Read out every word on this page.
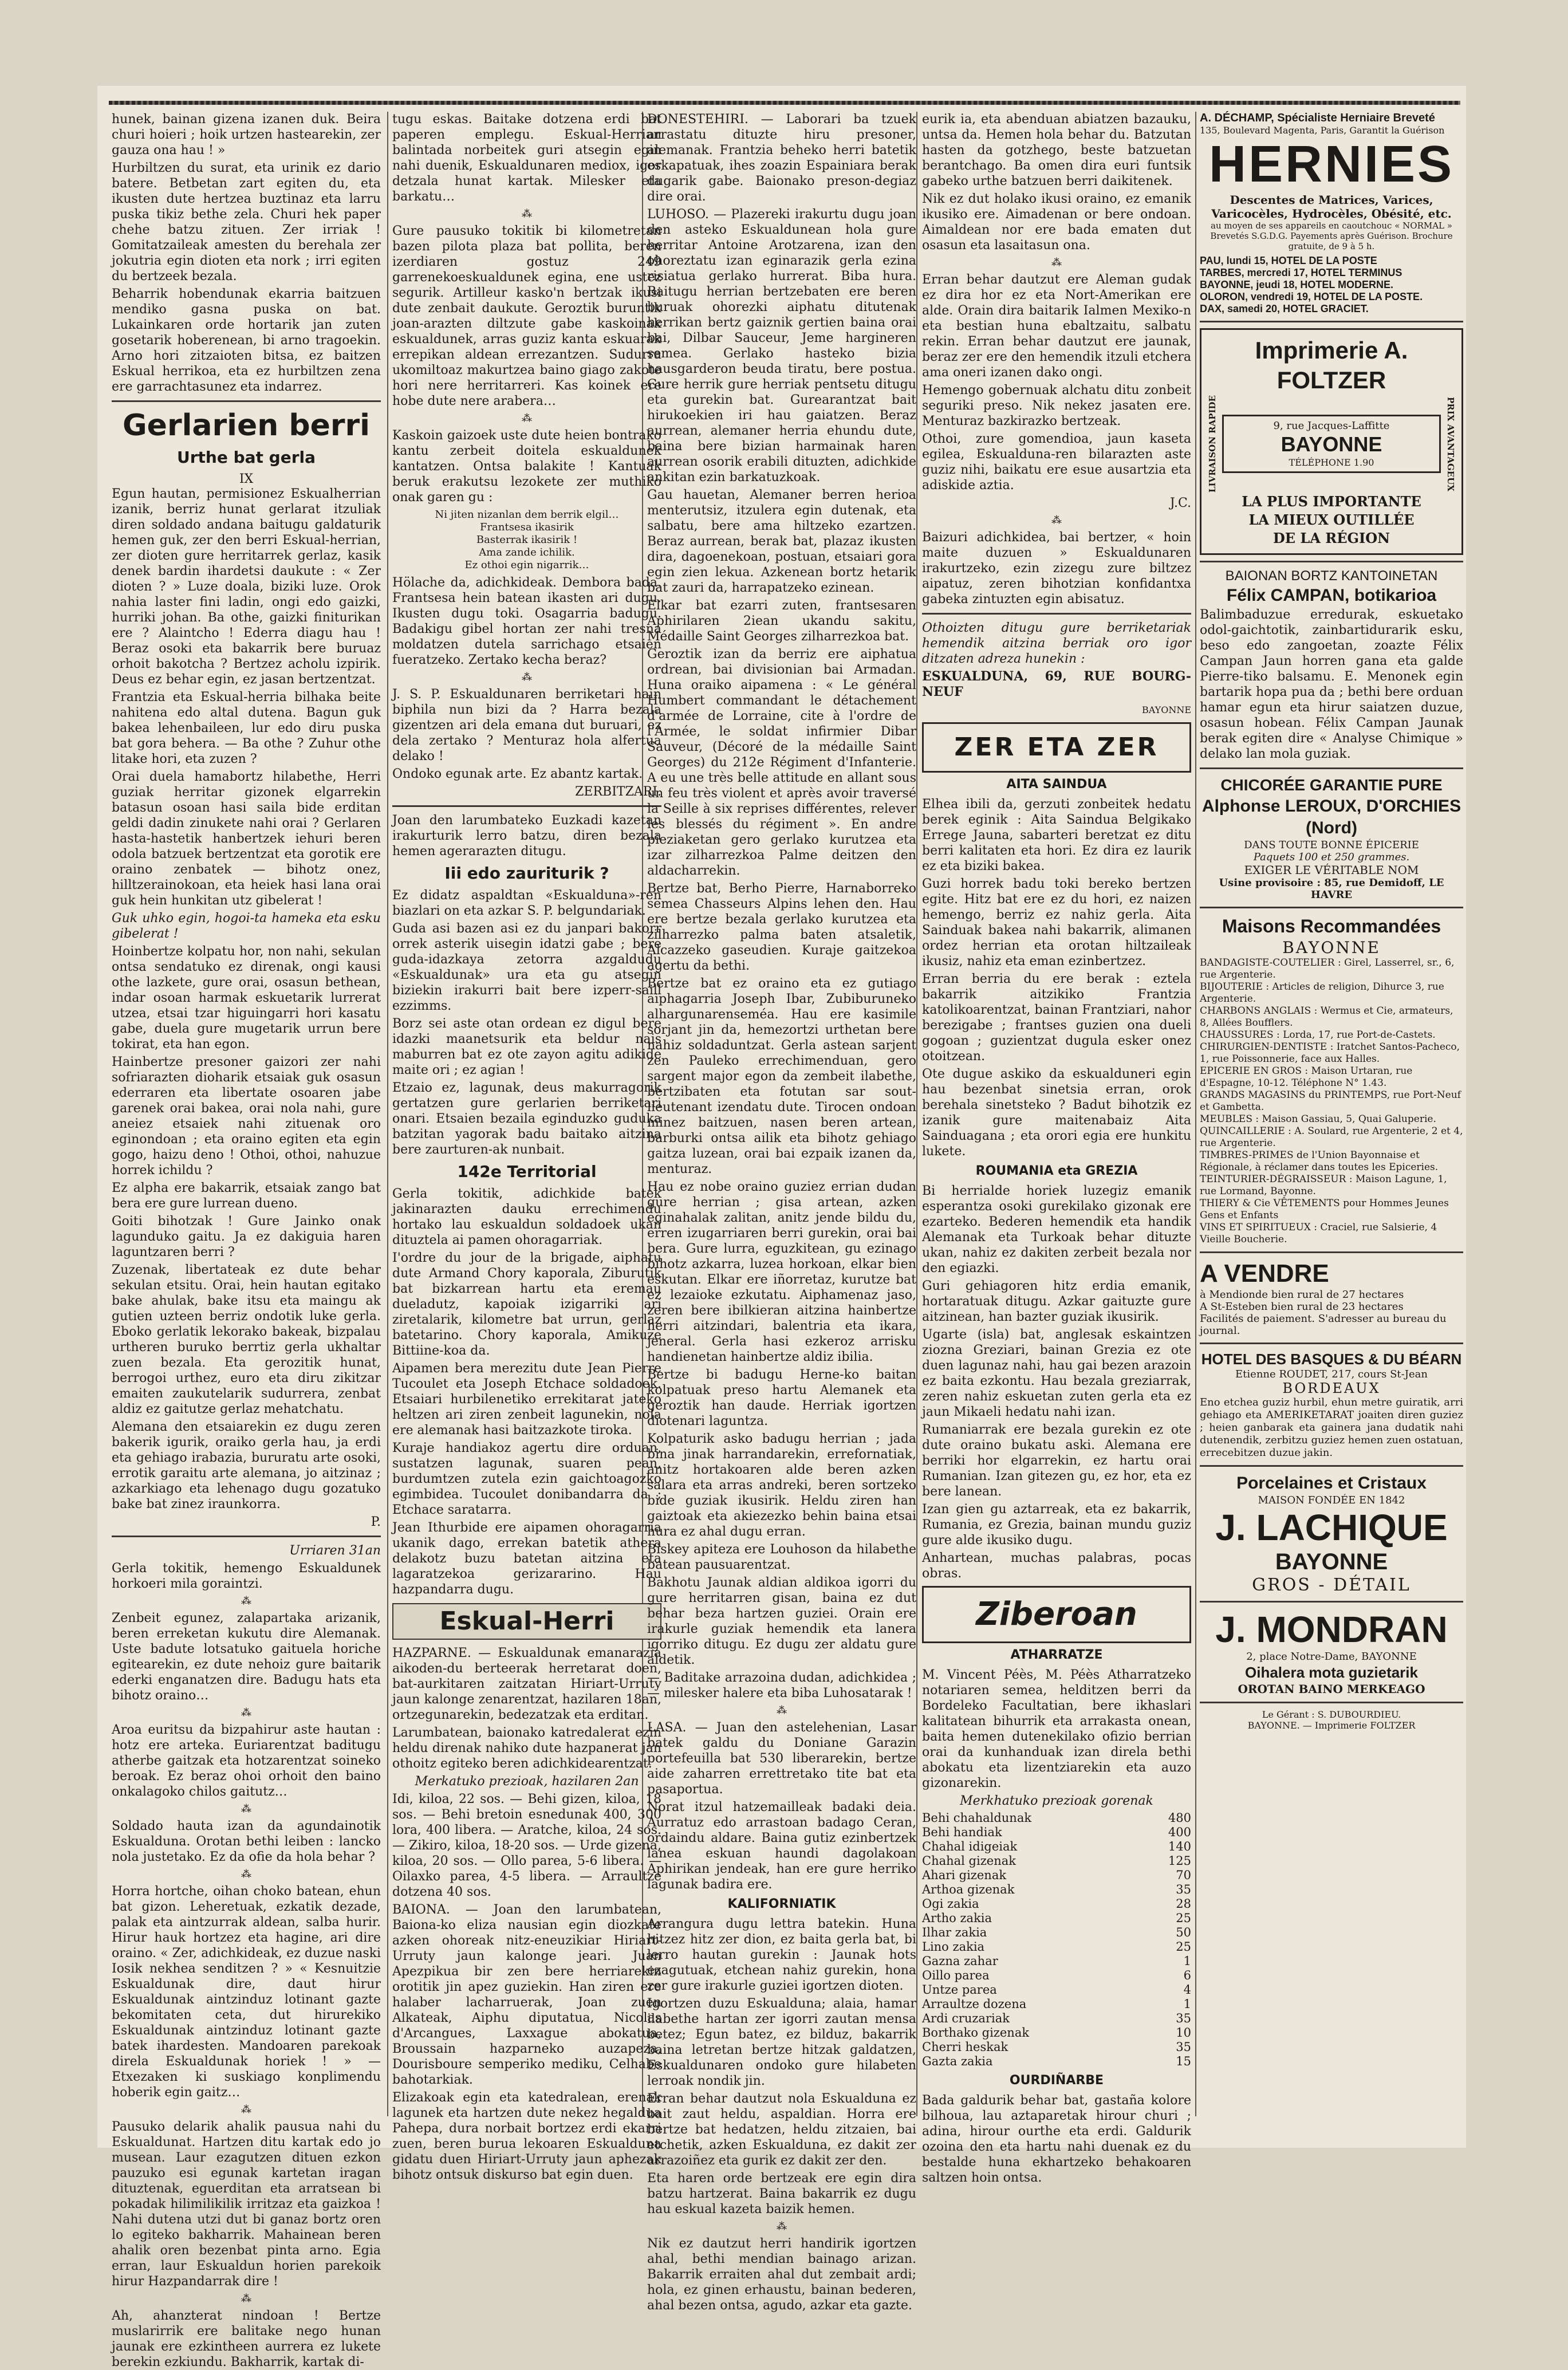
hunek, bainan gizena izanen duk. Beira churi hoieri ; hoik urtzen hastearekin, zer gauza ona hau ! »

Hurbiltzen du surat, eta urinik ez dario batere. Betbetan zart egiten du, eta ikusten dute hertzea buztinaz eta larru puska tikiz bethe zela. Churi hek paper chehe batzu zituen. Zer irriak ! Gomitatzaileak amesten du berehala zer jokutria egin dioten eta nork ; irri egiten du bertzeek bezala.

Beharrik hobendunak ekarria baitzuen mendiko gasna puska on bat. Lukainkaren orde hortarik jan zuten gosetarik hoberenean, bi arno tragoekin. Arno hori zitzaioten bitsa, ez baitzen Eskual herrikoa, eta ez hurbiltzen zena ere garrachtasunez eta indarrez.

Gerlarien berri
Urthe bat gerla
IX

Egun hautan, permisionez Eskualherrian izanik, berriz hunat gerlarat itzuliak diren soldado andana baitugu galdaturik hemen guk, zer den berri Eskual-herrian, zer dioten gure herritarrek gerlaz, kasik denek bardin ihardetsi daukute : « Zer dioten ? » Luze doala, biziki luze. Orok nahia laster fini ladin, ongi edo gaizki, hurriki johan. Ba othe, gaizki finiturikan ere ? Alaintcho ! Ederra diagu hau ! Beraz osoki eta bakarrik bere buruaz orhoit bakotcha ? Bertzez acholu izpirik. Deus ez behar egin, ez jasan bertzentzat.

Frantzia eta Eskual-herria bilhaka beite nahitena edo altal dutena. Bagun guk bakea lehenbaileen, lur edo diru puska bat gora behera. — Ba othe ? Zuhur othe litake hori, eta zuzen ?

Orai duela hamabortz hilabethe, Herri guziak herritar gizonek elgarrekin batasun osoan hasi saila bide erditan geldi dadin zinukete nahi orai ? Gerlaren hasta-hastetik hanbertzek iehuri beren odola batzuek bertzentzat eta gorotik ere oraino zenbatek — bihotz onez, hilltzerainokoan, eta heiek hasi lana orai guk hein hunkitan utz gibelerat !

Guk uhko egin, hogoi-ta hameka eta esku gibelerat !

Hoinbertze kolpatu hor, non nahi, sekulan ontsa sendatuko ez direnak, ongi kausi othe lazkete, gure orai, osasun bethean, indar osoan harmak eskuetarik lurrerat utzea, etsai tzar higuingarri hori kasatu gabe, duela gure mugetarik urrun bere tokirat, eta han egon.

Hainbertze presoner gaizori zer nahi sofriarazten dioharik etsaiak guk osasun ederraren eta libertate osoaren jabe garenek orai bakea, orai nola nahi, gure aneiez etsaiek nahi zituenak oro eginondoan ; eta oraino egiten eta egin gogo, haizu deno ! Othoi, othoi, nahuzue horrek ichildu ?

Ez alpha ere bakarrik, etsaiak zango bat bera ere gure lurrean dueno.

Goiti bihotzak ! Gure Jainko onak lagunduko gaitu. Ja ez dakiguia haren laguntzaren berri ?

Zuzenak, libertateak ez dute behar sekulan etsitu. Orai, hein hautan egitako bake ahulak, bake itsu eta maingu ak gutien uzteen berriz ondotik luke gerla. Eboko gerlatik lekorako bakeak, bizpalau urtheren buruko berrtiz gerla ukhaltar zuen bezala. Eta gerozitik hunat, berrogoi urthez, euro eta diru zikitzar emaiten zaukutelarik sudurrera, zenbat aldiz ez gaitutze gerlaz mehatchatu.

Alemana den etsaiarekin ez dugu zeren bakerik igurik, oraiko gerla hau, ja erdi eta gehiago irabazia, bururatu arte osoki, errotik garaitu arte alemana, jo aitzinaz ; azkarkiago eta lehenago dugu gozatuko bake bat zinez iraunkorra.

P.

Urriaren 31an

Gerla tokitik, hemengo Eskualdunek horkoeri mila goraintzi.

⁂

Zenbeit egunez, zalapartaka arizanik, beren erreketan kukutu dire Alemanak. Uste badute lotsatuko gaituela horiche egitearekin, ez dute nehoiz gure baitarik ederki enganatzen dire. Badugu hats eta bihotz oraino…

⁂

Aroa euritsu da bizpahirur aste hautan : hotz ere arteka. Euriarentzat baditugu atherbe gaitzak eta hotzarentzat soineko beroak. Ez beraz ohoi orhoit den baino onkalagoko chilos gaitutz…

⁂

Soldado hauta izan da agundainotik Eskualduna. Orotan bethi leiben : lancko nola justetako. Ez da ofie da hola behar ?

⁂

Horra hortche, oihan choko batean, ehun bat gizon. Leheretuak, ezkatik dezade, palak eta aintzurrak aldean, salba hurir. Hirur hauk hortzez eta hagine, ari dire oraino. « Zer, adichkideak, ez duzue naski Iosik nekhea senditzen ? » « Kesnuitzie Eskualdunak dire, daut hirur Eskualdunak aintzinduz lotinant gazte bekomitaten ceta, dut hirurekiko Eskualdunak aintzinduz lotinant gazte batek ihardesten. Mandoaren parekoak direla Eskualdunak horiek ! » — Etxezaken ki suskiago konplimendu hoberik egin gaitz…

⁂

Pausuko delarik ahalik pausua nahi du Eskualdunat. Hartzen ditu kartak edo jo musean. Laur ezagutzen dituen ezkon pauzuko esi egunak kartetan iragan dituztenak, eguerditan eta arratsean bi pokadak hilimilikilik irritzaz eta gaizkoa ! Nahi dutena utzi dut bi ganaz bortz oren lo egiteko bakharrik. Mahainean beren ahalik oren bezenbat pinta arno. Egia erran, laur Eskualdun horien parekoik hirur Hazpandarrak dire !

⁂

Ah, ahanzterat nindoan ! Bertze muslarirrik ere balitake nego hunan jaunak ere ezkintheen aurrera ez lukete berekin ezkiundu. Bakharrik, kartak di-

tugu eskas. Baitake dotzena erdi bat paperen emplegu. Eskual-Herrian balintada norbeitek guri atsegin egin nahi duenik, Eskualdunaren mediox, igor detzala hunat kartak. Milesker eta barkatu…

⁂

Gure pausuko tokitik bi kilometretan bazen pilota plaza bat pollita, beren izerdiaren gostuz 249 garrenekoeskualdunek egina, ene ustez segurik. Artilleur kasko'n bertzak ikusi dute zenbait daukute. Geroztik buruntik joan-arazten diltzute gabe kaskoinak eskualdunek, arras guziz kanta eskuarak errepikan aldean errezantzen. Sudurra ukomiltoaz makurtzea baino giago zakote hori nere herritarreri. Kas koinek ere hobe dute nere arabera…

⁂

Kaskoin gaizoek uste dute heien bontrako kantu zerbeit doitela eskualdunek kantatzen. Ontsa balakite ! Kantuak beruk erakutsu lezokete zer muthiko onak garen gu :

Ni jiten nizanlan dem berrik elgil…
Frantsesa ikasirik
Basterrak ikasirik !
Ama zande ichilik.
Ez othoi egin nigarrik…

Hölache da, adichkideak. Dembora bada. Frantsesa hein batean ikasten ari dugu. Ikusten dugu toki. Osagarria badugu. Badakigu gibel hortan zer nahi tresna moldatzen dutela sarrichago etsaien fueratzeko. Zertako kecha beraz?

⁂

J. S. P. Eskualdunaren berriketari hain biphila nun bizi da ? Harra bezala gizentzen ari dela emana dut buruari, ez dela zertako ? Menturaz hola alfertua delako !

Ondoko egunak arte. Ez abantz kartak.

ZERBITZARI.

Joan den larumbateko Euzkadi kazetan irakurturik lerro batzu, diren bezala hemen agerarazten ditugu.

Iii edo zauriturik ?

Ez didatz aspaldtan «Eskualduna»-ren biazlari on eta azkar S. P. belgundariak.

Guda asi bazen asi ez du janpari bakorr orrek asterik uisegin idatzi gabe ; bere guda-idazkaya zetorra azgaldudu «Eskualdunak» ura eta gu atsegin biziekin irakurri bait bere izperr-saill ezzimms.

Borz sei aste otan ordean ez digul bere idazki maanetsurik eta beldur nais maburren bat ez ote zayon agitu adikide maite ori ; ez agian !

Etzaio ez, lagunak, deus makurragorik gertatzen gure gerlarien berriketari onari. Etsaien bezaila eginduzko guduka batzitan yagorak badu baitako aitzina bere zaurturen-ak nunbait.

142e Territorial

Gerla tokitik, adichkide batek jakinarazten dauku errechimendu hortako lau eskualdun soldadoek ukan dituztela ai pamen ohoragarriak.

I'ordre du jour de la brigade, aiphatu dute Armand Chory kaporala, Ziburutik bat bizkarrean hartu eta eremau dueladutz, kapoiak izigarriki ari ziretalarik, kilometre bat urrun, gerlaz batetarino. Chory kaporala, Amikuze Bittiine-koa da.

Aipamen bera merezitu dute Jean Pierre Tucoulet eta Joseph Etchace soldadoek. Etsaiari hurbilenetiko errekitarat jateko heltzen ari ziren zenbeit lagunekin, nola ere alemanak hasi baitzazkote tiroka.

Kuraje handiakoz agertu dire orduan, sustatzen lagunak, suaren pean, burdumtzen zutela ezin gaichtoagozko egimbidea. Tucoulet donibandarra da ; Etchace saratarra.

Jean Ithurbide ere aipamen ohoragarria ukanik dago, errekan batetik athera delakotz buzu batetan aitzina eta lagaratzekoa gerizararino. Hau hazpandarra dugu.

Eskual-Herri

HAZPARNE. — Eskualdunak emanarazia aikoden-du berteerak herretarat doen, bat-aurkitaren zaitzatan Hiriart-Urruty jaun kalonge zenarentzat, hazilaren 18an, ortzegunarekin, bedezatzak eta erditan.

Larumbatean, baionako katredalerat ezin heldu direnak nahiko dute hazpanerat jan othoitz egiteko beren adichkidearentzat.

Merkatuko prezioak, hazilaren 2an

Idi, kiloa, 22 sos. — Behi gizen, kiloa, 18 sos. — Behi bretoin esnedunak 400, 300 lora, 400 libera. — Aratche, kiloa, 24 sos. — Zikiro, kiloa, 18-20 sos. — Urde gizena, kiloa, 20 sos. — Ollo parea, 5-6 libera. — Oilaxko parea, 4-5 libera. — Arraultze dotzena 40 sos.

BAIONA. — Joan den larumbatean, Baiona-ko eliza nausian egin diozkate azken ohoreak nitz-eneuzikiar Hiriart-Urruty jaun kalonge jeari. Juan Apezpikua bir zen bere herriarekin orotitik jin apez guziekin. Han ziren ere halaber lacharruerak, Joan zuen Alkateak, Aiphu diputatua, Nicolas d'Arcangues, Laxxague abokatua, Broussain hazparneko auzapeza, Dourisboure semperiko mediku, Celhabe bahotarkiak.

Elizakoak egin eta katedralean, erenak lagunek eta hartzen dute nekez hegaldua Pahepa, dura norbait bortzez erdi ekarri zuen, beren burua lekoaren Eskualduna gidatu duen Hiriart-Urruty jaun aphezak bihotz ontsuk diskurso bat egin duen.

DONESTEHIRI. — Laborari ba tzuek arrastatu dituzte hiru presoner, alemanak. Frantzia beheko herri batetik eskapatuak, ihes zoazin Espainiara berak dugarik gabe. Baionako preson-degiaz dire orai.

LUHOSO. — Plazereki irakurtu dugu joan den asteko Eskualdunean hola gure herritar Antoine Arotzarena, izan den ohoreztatu izan eginarazik gerla ezina risiatua gerlako hurrerat. Biba hura. Baitugu herrian bertzebaten ere beren buruak ohorezki aiphatu ditutenak herrikan bertz gaiznik gertien baina orai bai, Dilbar Sauceur, Jeme hargineren semea. Gerlako hasteko bizia hausgarderon beuda tiratu, bere postua. Gure herrik gure herriak pentsetu ditugu eta gurekin bat. Gurearantzat bait hirukoekien iri hau gaiatzen. Beraz aurrean, alemaner herria ehundu dute, baina bere bizian harmainak haren aurrean osorik erabili dituzten, adichkide ankitan ezin barkatuzkoak.

Gau hauetan, Alemaner berren herioa menterutsiz, itzulera egin dutenak, eta salbatu, bere ama hiltzeko ezartzen. Beraz aurrean, berak bat, plazaz ikusten dira, dagoenekoan, postuan, etsaiari gora egin zien lekua. Azkenean bortz hetarik bat zauri da, harrapatzeko ezinean.

Elkar bat ezarri zuten, frantsesaren Aphirilaren 2iean ukandu sakitu, Médaille Saint Georges zilharrezkoa bat.

Geroztik izan da berriz ere aiphatua ordrean, bai divisionian bai Armadan. Huna oraiko aipamena : « Le général Humbert commandant le détachement d'armée de Lorraine, cite à l'ordre de l'Armée, le soldat infirmier Dibar Sauveur, (Décoré de la médaille Saint Georges) du 212e Régiment d'Infanterie. A eu une très belle attitude en allant sous un feu très violent et après avoir traversé la Seille à six reprises différentes, relever les blessés du régiment ». En andre pieziaketan gero gerlako kurutzea eta izar zilharrezkoa Palme deitzen den aldacharrekin.

Bertze bat, Berho Pierre, Harnaborreko semea Chasseurs Alpins lehen den. Hau ere bertze bezala gerlako kurutzea eta zilharrezko palma baten atsaletik, Alcazzeko gaseudien. Kuraje gaitzekoa agertu da bethi.

Bertze bat ez oraino eta ez gutiago aiphagarria Joseph Ibar, Zubiburuneko alhargunarenseméa. Hau ere kasimile sorjant jin da, hemezortzi urthetan bere nahiz soldaduntzat. Gerla astean sarjent zen Pauleko errechimenduan, gero sargent major egon da zembeit ilabethe, bertzibaten eta fotutan sar sout-lieutenant izendatu dute. Tirocen ondoan minez baitzuen, nasen beren artean, barburki ontsa ailik eta bihotz gehiago gaitza luzean, orai bai ezpaik izanen da, menturaz.

Hau ez nobe oraino guziez errian dudan gure herrian ; gisa artean, azken eginahalak zalitan, anitz jende bildu du, erren izugarriaren berri gurekin, orai bai bera. Gure lurra, eguzkitean, gu ezinago bihotz azkarra, luzea horkoan, elkar bien eskutan. Elkar ere iñorretaz, kurutze bat ez lezaioke ezkutatu. Aiphamenaz jaso, zeren bere ibilkieran aitzina hainbertze herri aitzindari, balentria eta ikara, jeneral. Gerla hasi ezkeroz arrisku handienetan hainbertze aldiz ibilia.

Bertze bi badugu Herne-ko baitan kolpatuak preso hartu Alemanek eta geroztik han daude. Herriak igortzen diotenari laguntza.

Kolpaturik asko badugu herrian ; jada bina jinak harrandarekin, errefornatiak, anitz hortakoaren alde beren azken salara eta arras andreki, beren sortzeko bide guziak ikusirik. Heldu ziren han gaiztoak eta akiezezko behin baina etsai hura ez ahal dugu erran.

Biskey apiteza ere Louhoson da hilabethe batean pausuarentzat.

Bakhotu Jaunak aldian aldikoa igorri du gure herritarren gisan, baina ez dut behar beza hartzen guziei. Orain ere irakurle guziak hemendik eta lanera igorriko ditugu. Ez dugu zer aldatu gure aldetik.

— Baditake arrazoina dudan, adichkidea ; — milesker halere eta biba Luhosatarak !

⁂

LASA. — Juan den astelehenian, Lasar batek galdu du Doniane Garazin portefeuilla bat 530 liberarekin, bertze aide zaharren errettretako tite bat eta pasaportua.

Norat itzul hatzemailleak badaki deia. Aurratuz edo arrastoan badago Ceran, ordaindu aldare. Baina gutiz ezinbertzek lanea eskuan haundi dagolakoan Aphirikan jendeak, han ere gure herriko lagunak badira ere.

KALIFORNIATIK

Arrangura dugu lettra batekin. Huna hitzez hitz zer dion, ez baita gerla bat, bi lerro hautan gurekin : Jaunak hots ezagutuak, etchean nahiz gurekin, hona zer gure irakurle guziei igortzen dioten.

Igortzen duzu Eskualduna; alaia, hamar ilabethe hartan zer igorri zautan mensa betez; Egun batez, ez bilduz, bakarrik baina letretan bertze hitzak galdatzen, Eskualdunaren ondoko gure hilabeten lerroak nondik jin.

Erran behar dautzut nola Eskualduna ez bait zaut heldu, aspaldian. Horra ere bertze bat hedatzen, heldu zitzaien, bai etchetik, azken Eskualduna, ez dakit zer arrazoiñez eta gurik ez dakit zer den.

Eta haren orde bertzeak ere egin dira batzu hartzerat. Baina bakarrik ez dugu hau eskual kazeta baizik hemen.

⁂

Nik ez dautzut herri handirik igortzen ahal, bethi mendian bainago arizan. Bakarrik erraiten ahal dut zembait ardi; hola, ez ginen erhaustu, bainan bederen, ahal bezen ontsa, agudo, azkar eta gazte.

eurik ia, eta abenduan abiatzen bazauku, untsa da. Hemen hola behar du. Batzutan hasten da gotzhego, beste batzuetan berantchago. Ba omen dira euri funtsik gabeko urthe batzuen berri daikitenek.

Nik ez dut holako ikusi oraino, ez emanik ikusiko ere. Aimadenan or bere ondoan. Aimaldean nor ere bada ematen dut osasun eta lasaitasun ona.

⁂

Erran behar dautzut ere Aleman gudak ez dira hor ez eta Nort-Amerikan ere alde. Orain dira baitarik Ialmen Mexiko-n eta bestian huna ebaltzaitu, salbatu rekin. Erran behar dautzut ere jaunak, beraz zer ere den hemendik itzuli etchera ama oneri izanen dako ongi.

Hemengo gobernuak alchatu ditu zonbeit seguriki preso. Nik nekez jasaten ere. Menturaz bazkirazko bertzeak.

Othoi, zure gomendioa, jaun kaseta egilea, Eskualduna-ren bilarazten aste guziz nihi, baikatu ere esue ausartzia eta adiskide aztia.

J.C.

⁂

Baizuri adichkidea, bai bertzer, « hoin maite duzuen » Eskualdunaren irakurtzeko, ezin zizegu zure biltzez aipatuz, zeren bihotzian konfidantxa gabeka zintuzten egin abisatuz.

Othoizten ditugu gure berriketariak hemendik aitzina berriak oro igor ditzaten adreza hunekin :

ESKUALDUNA, 69, RUE BOURG-NEUF

BAYONNE

ZER ETA ZER
AITA SAINDUA

Elhea ibili da, gerzuti zonbeitek hedatu berek eginik : Aita Saindua Belgikako Errege Jauna, sabarteri beretzat ez ditu berri kalitaten eta hori. Ez dira ez laurik ez eta biziki bakea.

Guzi horrek badu toki bereko bertzen egite. Hitz bat ere ez du hori, ez naizen hemengo, berriz ez nahiz gerla. Aita Sainduak bakea nahi bakarrik, alimanen ordez herrian eta orotan hiltzaileak ikusiz, nahiz eta eman ezinbertzez.

Erran berria du ere berak : eztela bakarrik aitzikiko Frantzia katolikoarentzat, bainan Frantziari, nahor berezigabe ; frantses guzien ona dueli gogoan ; guzientzat dugula esker onez otoitzean.

Ote dugue askiko da eskualduneri egin hau bezenbat sinetsia erran, orok berehala sinetsteko ? Badut bihotzik ez izanik gure maitenabaiz Aita Sainduagana ; eta orori egia ere hunkitu lukete.

ROUMANIA eta GREZIA

Bi herrialde horiek luzegiz emanik esperantza osoki gurekilako gizonak ere ezarteko. Bederen hemendik eta handik Alemanak eta Turkoak behar dituzte ukan, nahiz ez dakiten zerbeit bezala nor den egiazki.

Guri gehiagoren hitz erdia emanik, hortaratuak ditugu. Azkar gaituzte gure aitzinean, han bazter guziak ikusirik.

Ugarte (isla) bat, anglesak eskaintzen ziozna Greziari, bainan Grezia ez ote duen lagunaz nahi, hau gai bezen arazoin ez baita ezkontu. Hau bezala greziarrak, zeren nahiz eskuetan zuten gerla eta ez jaun Mikaeli hedatu nahi izan.

Rumaniarrak ere bezala gurekin ez ote dute oraino bukatu aski. Alemana ere berriki hor elgarrekin, ez hartu orai Rumanian. Izan gitezen gu, ez hor, eta ez bere lanean.

Izan gien gu aztarreak, eta ez bakarrik, Rumania, ez Grezia, bainan mundu guziz gure alde ikusiko dugu.

Anhartean, muchas palabras, pocas obras.

Ziberoan
ATHARRATZE

M. Vincent Péès, M. Péès Atharratzeko notariaren semea, helditzen berri da Bordeleko Facultatian, bere ikhaslari kalitatean bihurrik eta arrakasta onean, baita hemen dutenekilako ofizio berrian orai da kunhanduak izan direla bethi abokatu eta lizentziarekin eta auzo gizonarekin.

Merkhatuko prezioak gorenak

Behi chahaldunak	480
Behi handiak	400
Chahal idigeiak	140
Chahal gizenak	125
Ahari gizenak	70
Arthoa gizenak	35
Ogi zakia	28
Artho zakia	25
Ilhar zakia	50
Lino zakia	25
Gazna zahar	1
Oillo parea	6
Untze parea	4
Arraultze dozena	1
Ardi cruzariak	35
Borthako gizenak	10
Cherri heskak	35
Gazta zakia	15
OURDIÑARBE

Bada galdurik behar bat, gastaña kolore bilhoua, lau aztaparetak hirour churi ; adina, hirour ourthe eta erdi. Galdurik ozoina den eta hartu nahi duenak ez du bestalde huna ekhartzeko behakoaren saltzen hoin ontsa.

A. DÉCHAMP, Spécialiste Herniaire Breveté
135, Boulevard Magenta, Paris, Garantit la Guérison
HERNIES
Descentes de Matrices, Varices, Varicocèles, Hydrocèles, Obésité, etc.
au moyen de ses appareils en caoutchouc « NORMAL »
Brevetés S.G.D.G. Payements après Guérison. Brochure gratuite, de 9 à 5 h.
PAU, lundi 15, HOTEL DE LA POSTE
TARBES, mercredi 17, HOTEL TERMINUS
BAYONNE, jeudi 18, HOTEL MODERNE.
OLORON, vendredi 19, HOTEL DE LA POSTE.
DAX, samedi 20, HOTEL GRACIET.
Imprimerie A. FOLTZER
LIVRAISON RAPIDE	9, rue Jacques-Laffitte
BAYONNE
TÉLÉPHONE 1.90	PRIX AVANTAGEUX
LA PLUS IMPORTANTE
LA MIEUX OUTILLÉE
DE LA RÉGION
BAIONAN BORTZ KANTOINETAN
Félix CAMPAN, botikarioa

Balimbaduzue erredurak, eskuetako odol-gaichtotik, zainbartidurarik esku, beso edo zangoetan, zoazte Félix Campan Jaun horren gana eta galde Pierre-tiko balsamu. E. Menonek egin bartarik hopa pua da ; bethi bere orduan hamar egun eta hirur saiatzen duzue, osasun hobean. Félix Campan Jaunak berak egiten dire « Analyse Chimique » delako lan mola guziak.

CHICORÉE GARANTIE PURE
Alphonse LEROUX, D'ORCHIES (Nord)
DANS TOUTE BONNE ÉPICERIE
Paquets 100 et 250 grammes.
EXIGER LE VÉRITABLE NOM
Usine provisoire : 85, rue Demidoff, LE HAVRE
Maisons Recommandées
BAYONNE
BANDAGISTE-COUTELIER : Girel, Lasserrel, sr., 6, rue Argenterie.
BIJOUTERIE : Articles de religion, Dihurce 3, rue Argenterie.
CHARBONS ANGLAIS : Wermus et Cie, armateurs, 8, Allées Boufflers.
CHAUSSURES : Lorda, 17, rue Port-de-Castets.
CHIRURGIEN-DENTISTE : Iratchet Santos-Pacheco, 1, rue Poissonnerie, face aux Halles.
EPICERIE EN GROS : Maison Urtaran, rue d'Espagne, 10-12. Téléphone N° 1.43.
GRANDS MAGASINS du PRINTEMPS, rue Port-Neuf et Gambetta.
MEUBLES : Maison Gassiau, 5, Quai Galuperie.
QUINCAILLERIE : A. Soulard, rue Argenterie, 2 et 4, rue Argenterie.
TIMBRES-PRIMES de l'Union Bayonnaise et Régionale, à réclamer dans toutes les Epiceries.
TEINTURIER-DÉGRAISSEUR : Maison Lagune, 1, rue Lormand, Bayonne.
THIERY & Cie VÊTEMENTS pour Hommes Jeunes Gens et Enfants
VINS ET SPIRITUEUX : Craciel, rue Salsierie, 4 Vieille Boucherie.
A VENDRE
à Mendionde bien rural de 27 hectares
A St-Esteben bien rural de 23 hectares
Facilités de paiement. S'adresser au bureau du journal.
HOTEL DES BASQUES & DU BÉARN
Etienne ROUDET, 217, cours St-Jean
BORDEAUX

Eno etchea guziz hurbil, ehun metre guiratik, arri gehiago eta AMERIKETARAT joaiten diren guziez ; heien ganbarak eta gainera jana dudatik nahi dutenendik, zerbitzu guziez hemen zuen ostatuan, errecebitzen duzue jakin.

Porcelaines et Cristaux
MAISON FONDÉE EN 1842
J. LACHIQUE
BAYONNE
GROS - DÉTAIL
J. MONDRAN
2, place Notre-Dame, BAYONNE
Oihalera mota guzietarik
OROTAN BAINO MERKEAGO
Le Gérant : S. DUBOURDIEU.
BAYONNE. — Imprimerie FOLTZER
